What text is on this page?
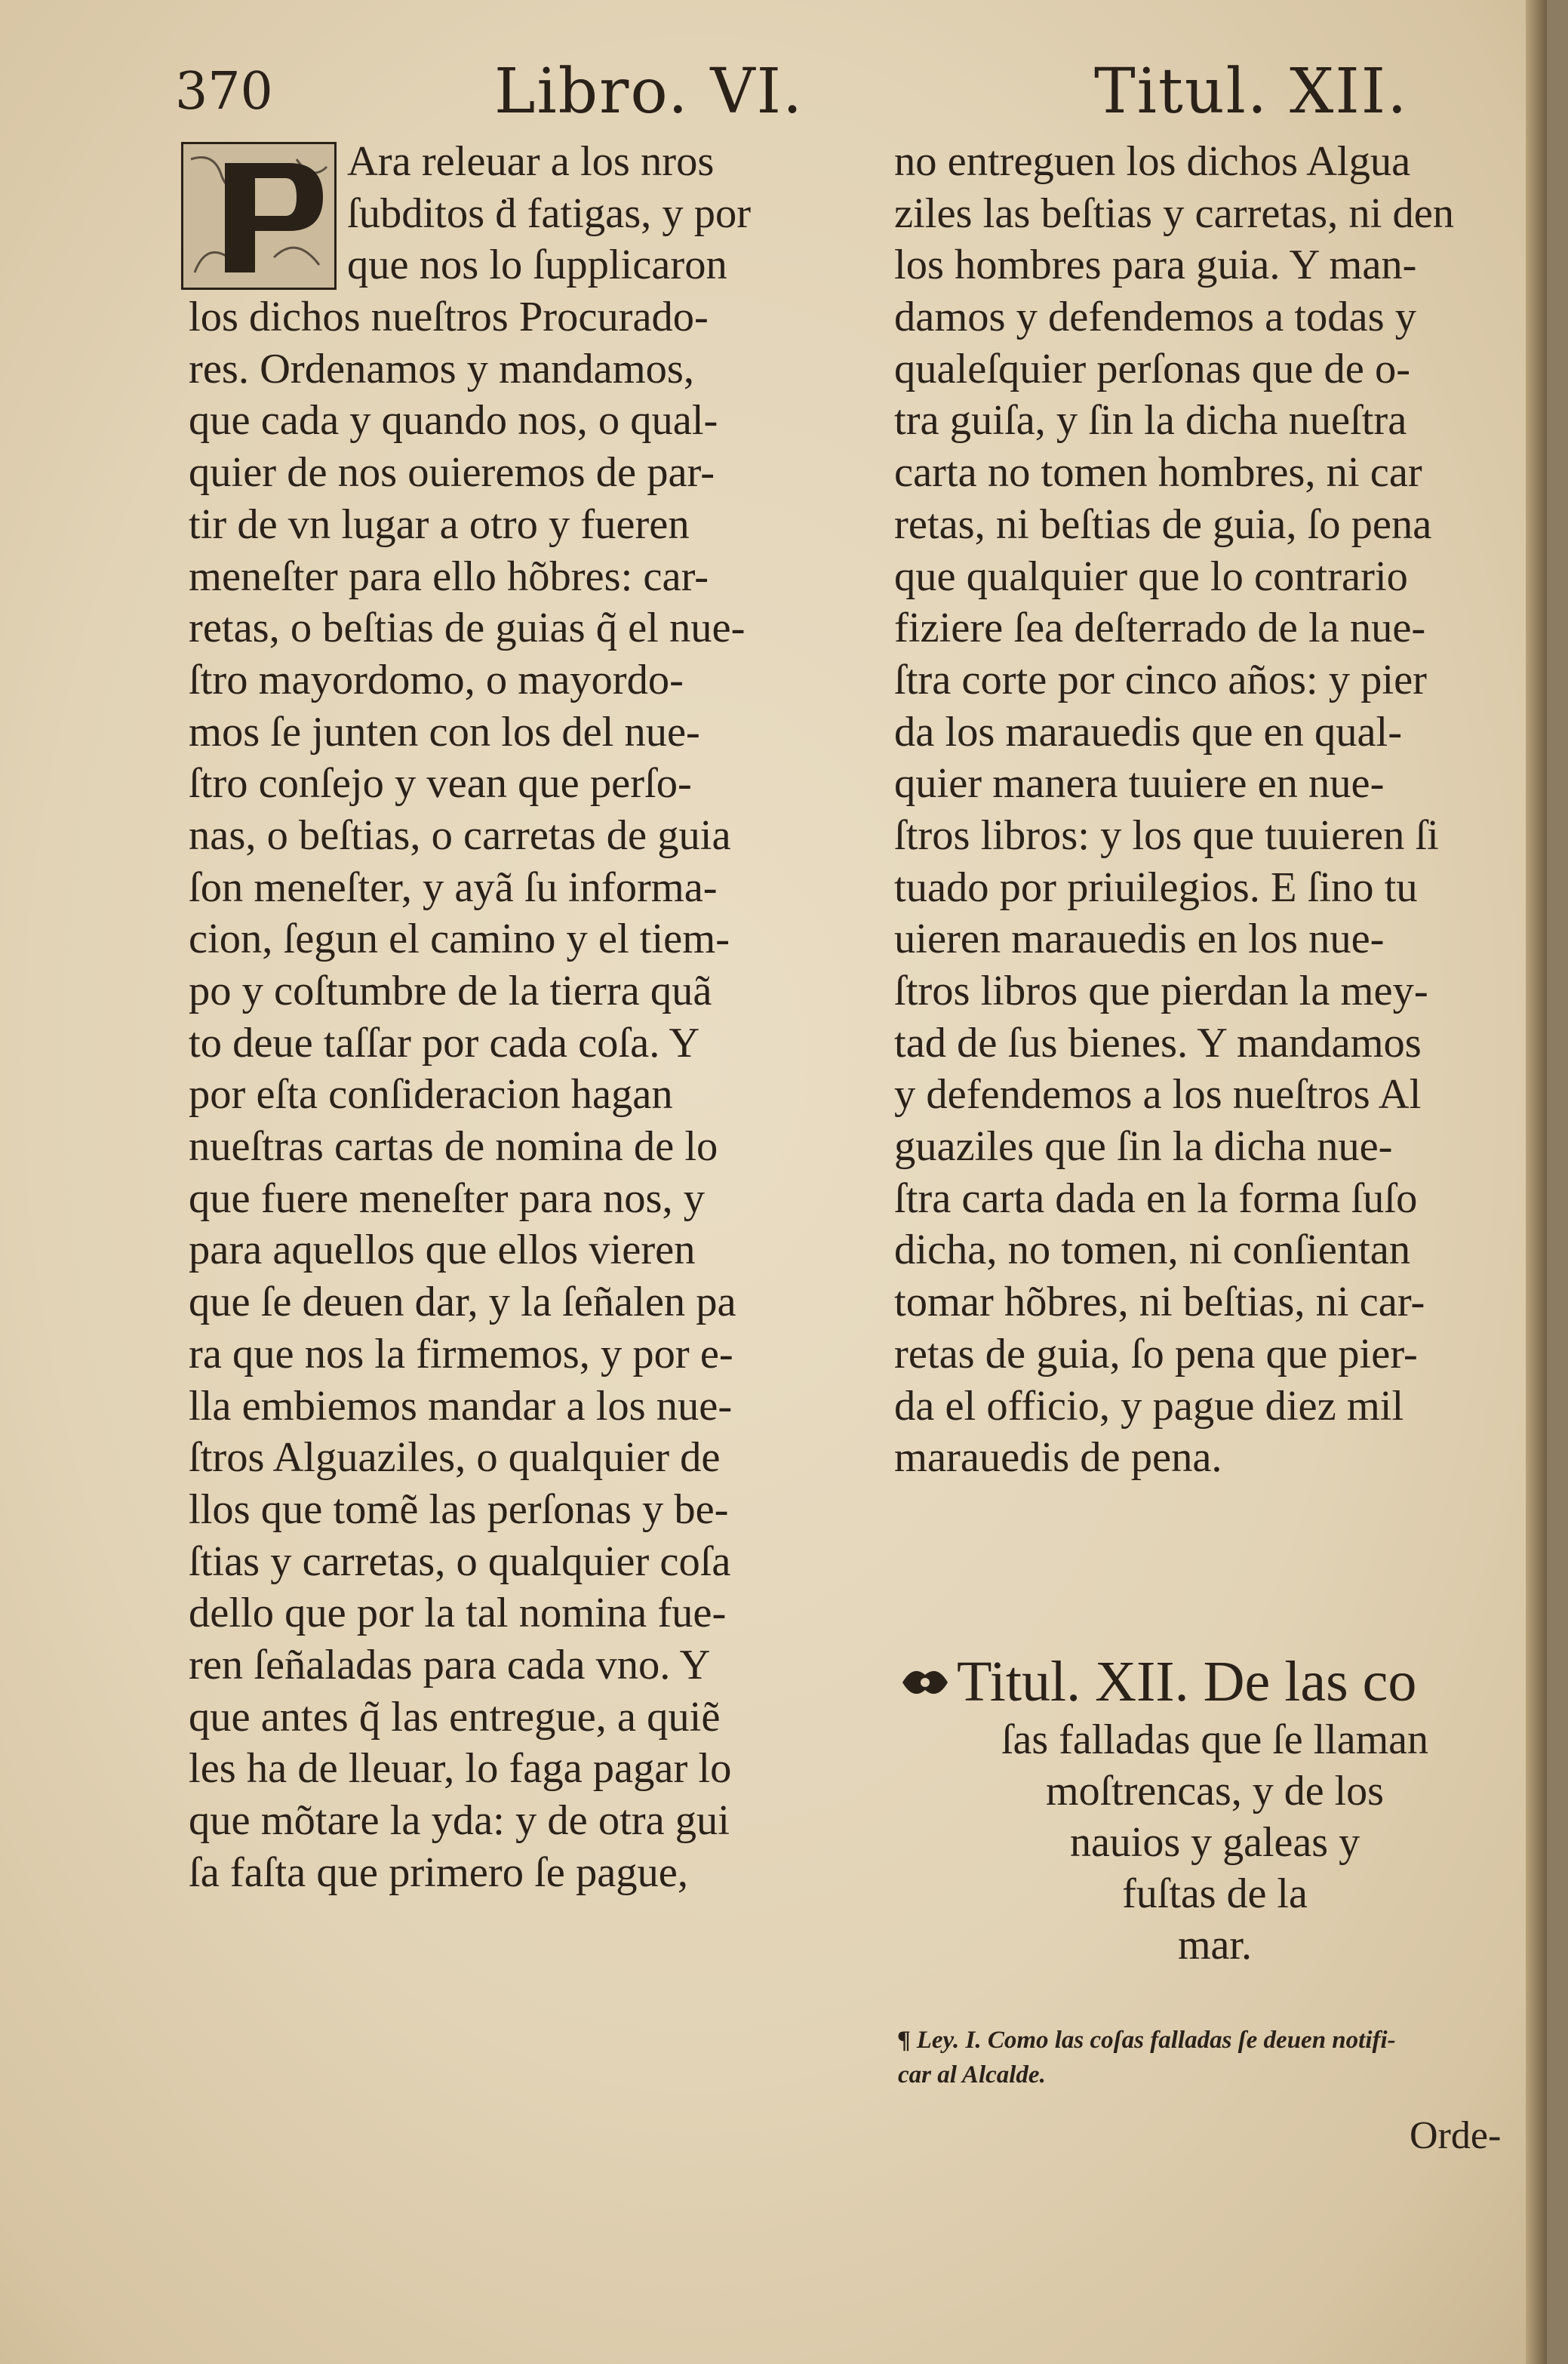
370	Libro. VI.	Titul. XII.
Ara releuar a los nros
ſubditos ḋ fatigas, y por
que nos lo ſupplicaron
los dichos nueſtros Procurado-
res. Ordenamos y mandamos,
que cada y quando nos, o qual-
quier de nos ouieremos de par-
tir de vn lugar a otro y fueren
meneſter para ello hõbres: car-
retas, o beſtias de guias q̃ el nue-
ſtro mayordomo, o mayordo-
mos ſe junten con los del nue-
ſtro conſejo y vean que perſo-
nas, o beſtias, o carretas de guia
ſon meneſter, y ayã ſu informa-
cion, ſegun el camino y el tiem-
po y coſtumbre de la tierra quã
to deue taſſar por cada coſa. Y
por eſta conſideracion hagan
nueſtras cartas de nomina de lo
que fuere meneſter para nos, y
para aquellos que ellos vieren
que ſe deuen dar, y la ſeñalen pa
ra que nos la firmemos, y por e-
lla embiemos mandar a los nue-
ſtros Alguaziles, o qualquier de
llos que tomẽ las perſonas y be-
ſtias y carretas, o qualquier coſa
dello que por la tal nomina fue-
ren ſeñaladas para cada vno. Y
que antes q̃ las entregue, a quiẽ
les ha de lleuar, lo faga pagar lo
que mõtare la yda: y de otra gui
ſa faſta que primero ſe pague,
no entreguen los dichos Algua
ziles las beſtias y carretas, ni den
los hombres para guia. Y man-
damos y defendemos a todas y
qualeſquier perſonas que de o-
tra guiſa, y ſin la dicha nueſtra
carta no tomen hombres, ni car
retas, ni beſtias de guia, ſo pena
que qualquier que lo contrario
fiziere ſea deſterrado de la nue-
ſtra corte por cinco años: y pier
da los marauedis que en qual-
quier manera tuuiere en nue-
ſtros libros: y los que tuuieren ſi
tuado por priuilegios. E ſino tu
uieren marauedis en los nue-
ſtros libros que pierdan la mey-
tad de ſus bienes. Y mandamos
y defendemos a los nueſtros Al
guaziles que ſin la dicha nue-
ſtra carta dada en la forma ſuſo
dicha, no tomen, ni conſientan
tomar hõbres, ni beſtias, ni car-
retas de guia, ſo pena que pier-
da el officio, y pague diez mil
marauedis de pena.
Titul. XII. De las co
ſas falladas que ſe llaman
moſtrencas, y de los
nauios y galeas y
fuſtas de la
mar.
¶ Ley. I. Como las coſas falladas ſe deuen notifi-
car al Alcalde.
Orde-
